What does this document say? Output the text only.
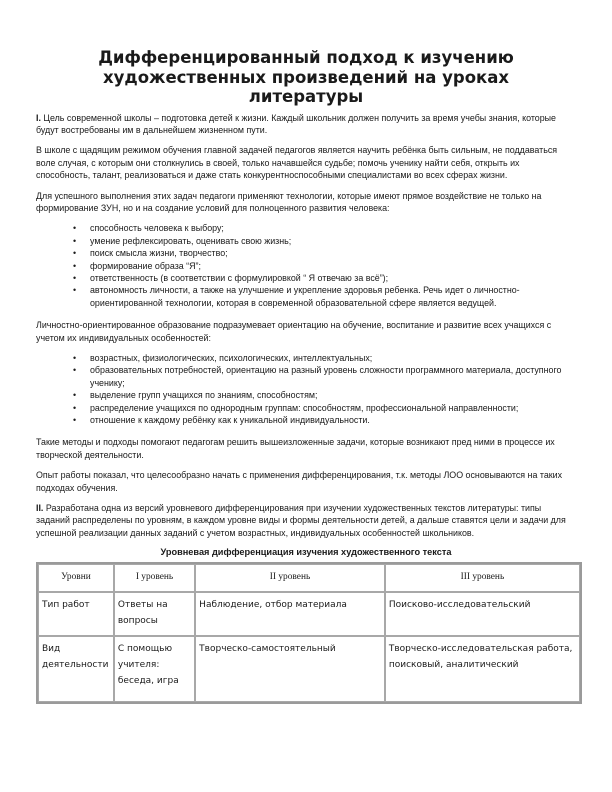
Дифференцированный подход к изучению художественных произведений на уроках литературы

I. Цель современной школы – подготовка детей к жизни. Каждый школьник должен получить за время учебы знания, которые будут востребованы им в дальнейшем жизненном пути.

В школе с щадящим режимом обучения главной задачей педагогов является научить ребёнка быть сильным, не поддаваться воле случая, с которым они столкнулись в своей, только начавшейся судьбе; помочь ученику найти себя, открыть их способность, талант, реализоваться и даже стать конкурентноспособными специалистами во всех сферах жизни.

Для успешного выполнения этих задач педагоги применяют технологии, которые имеют прямое воздействие не только на формирование ЗУН, но и на создание условий для полноценного развития человека:

• способность человека к выбору;
• умение рефлексировать, оценивать свою жизнь;
• поиск смысла жизни, творчество;
• формирование образа “Я”;
• ответственность (в соответствии с формулировкой “ Я отвечаю за всё”);
• автономность личности, а также на улучшение и укрепление здоровья ребенка. Речь идет о личностно-ориентированной технологии, которая в современной образовательной сфере является ведущей.

Личностно-ориентированное образование подразумевает ориентацию на обучение, воспитание и развитие всех учащихся с учетом их индивидуальных особенностей:

• возрастных, физиологических, психологических, интеллектуальных;
• образовательных потребностей, ориентацию на разный уровень сложности программного материала, доступного ученику;
• выделение групп учащихся по знаниям, способностям;
• распределение учащихся по однородным группам: способностям, профессиональной направленности;
• отношение к каждому ребёнку как к уникальной индивидуальности.

Такие методы и подходы помогают педагогам решить вышеизложенные задачи, которые возникают пред ними в процессе их творческой деятельности.

Опыт работы показал, что целесообразно начать с применения дифференцирования, т.к. методы ЛОО основываются на таких подходах обучения.

II. Разработана одна из версий уровневого дифференцирования при изучении художественных текстов литературы: типы заданий распределены по уровням, в каждом уровне виды и формы деятельности детей, а дальше ставятся цели и задачи для успешной реализации данных заданий с учетом возрастных, индивидуальных особенностей школьников.

Уровневая дифференциация изучения художественного текста
Уровни	I уровень	II уровень	III уровень
Тип работ	Ответы на вопросы	Наблюдение, отбор материала	Поисково-исследовательский
Вид деятельности	С помощью учителя: беседа, игра	Творческо-самостоятельный	Творческо-исследовательская работа, поисковый, аналитический
